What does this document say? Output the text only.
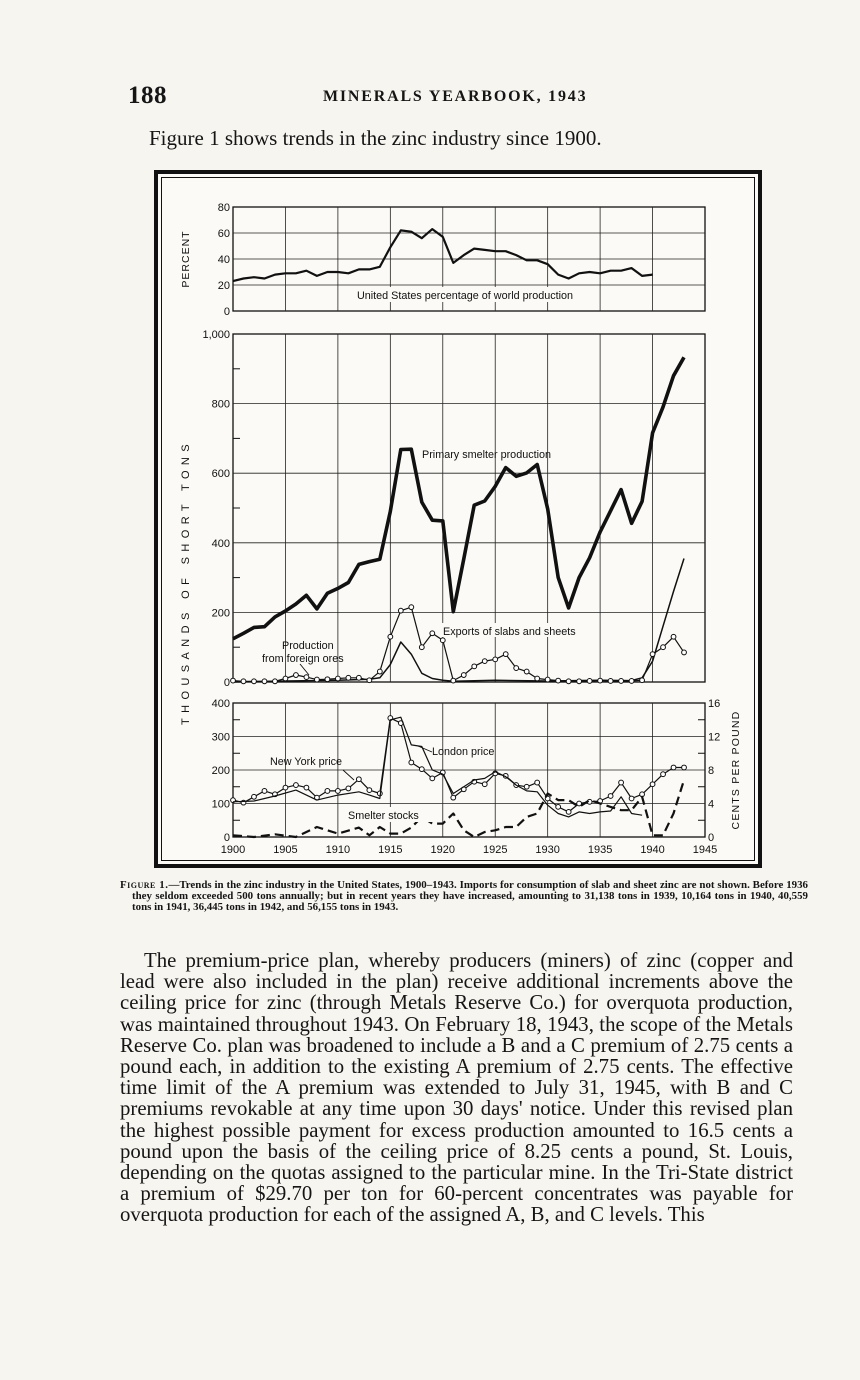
188	MINERALS YEARBOOK, 1943
Figure 1 shows trends in the zinc industry since 1900.
80
60
40
20
0
PERCENT
United States percentage of world production
1,000
800
600
400
200
0
THOUSANDS OF SHORT TONS	Primary smelter production
Production
from foreign ores
Exports of slabs and sheets
400
300
200
100
0
16
12
8
4
0
CENTS PER POUND
New York price
London price
Smelter stocks
1900	1905	1910	1915	1920	1925	1930	1935	1940	1945
Figure 1.—Trends in the zinc industry in the United States, 1900–1943. Imports for consumption of slab and sheet zinc are not shown. Before 1936 they seldom exceeded 500 tons annually; but in recent years they have increased, amounting to 31,138 tons in 1939, 10,164 tons in 1940, 40,559 tons in 1941, 36,445 tons in 1942, and 56,155 tons in 1943.

The premium-price plan, whereby producers (miners) of zinc (copper and lead were also included in the plan) receive additional increments above the ceiling price for zinc (through Metals Reserve Co.) for overquota production, was maintained throughout 1943. On February 18, 1943, the scope of the Metals Reserve Co. plan was broadened to include a B and a C premium of 2.75 cents a pound each, in addition to the existing A premium of 2.75 cents. The effective time limit of the A premium was extended to July 31, 1945, with B and C premiums revokable at any time upon 30 days' notice. Under this revised plan the highest possible payment for excess production amounted to 16.5 cents a pound upon the basis of the ceiling price of 8.25 cents a pound, St. Louis, depending on the quotas assigned to the particular mine. In the Tri-State district a premium of $29.70 per ton for 60-percent concentrates was payable for overquota production for each of the assigned A, B, and C levels. This
